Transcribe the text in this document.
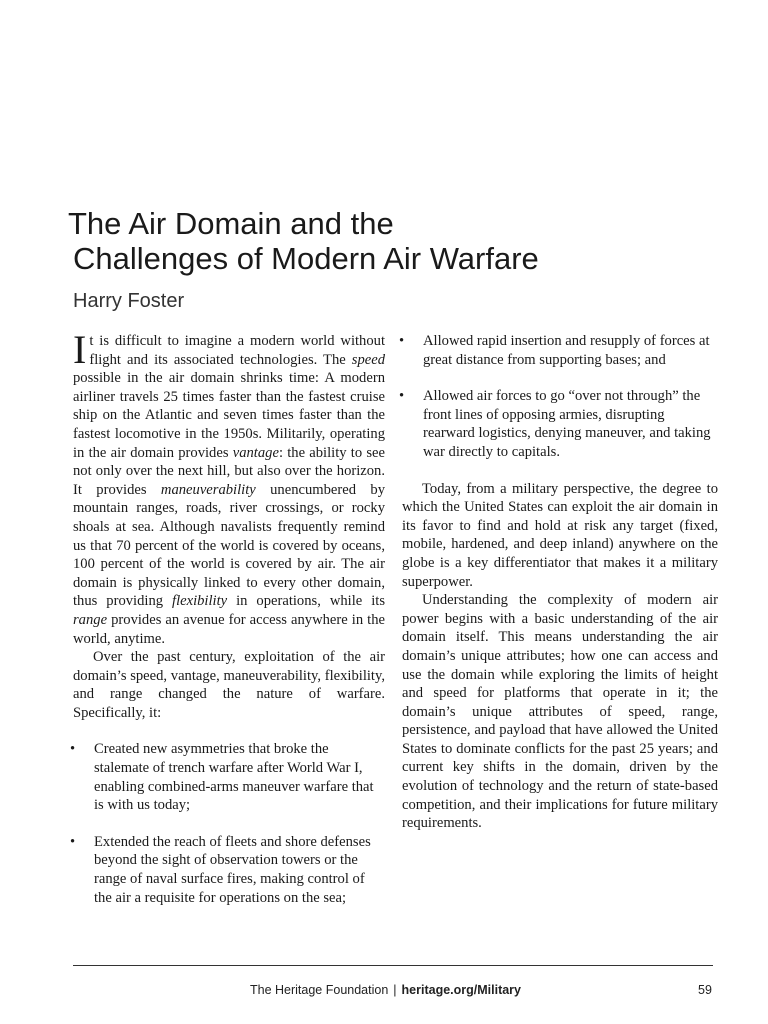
The Air Domain and the

Challenges of Modern Air Warfare
Harry Foster

It is difficult to imagine a modern world without flight and its associated technologies. The speed possible in the air domain shrinks time: A modern airliner travels 25 times faster than the fastest cruise ship on the Atlantic and seven times faster than the fastest locomotive in the 1950s. Militarily, operating in the air domain provides vantage: the ability to see not only over the next hill, but also over the horizon. It provides maneuverability unencumbered by mountain ranges, roads, river crossings, or rocky shoals at sea. Although navalists frequently remind us that 70 percent of the world is covered by oceans, 100 percent of the world is covered by air. The air domain is physically linked to every other domain, thus providing flexibility in operations, while its range provides an avenue for access anywhere in the world, anytime.

Over the past century, exploitation of the air domain’s speed, vantage, maneuverability, flexibility, and range changed the nature of warfare. Specifically, it:

• Created new asymmetries that broke the stalemate of trench warfare after World War I, enabling combined-arms maneuver warfare that is with us today;
• Extended the reach of fleets and shore defenses beyond the sight of observation towers or the range of naval surface fires, making control of the air a requisite for operations on the sea;
• Allowed rapid insertion and resupply of forces at great distance from supporting bases; and
• Allowed air forces to go “over not through” the front lines of opposing armies, disrupting rearward logistics, denying maneuver, and taking war directly to capitals.

Today, from a military perspective, the degree to which the United States can exploit the air domain in its favor to find and hold at risk any target (fixed, mobile, hardened, and deep inland) anywhere on the globe is a key differentiator that makes it a military superpower.

Understanding the complexity of modern air power begins with a basic understanding of the air domain itself. This means understanding the air domain’s unique attributes; how one can access and use the domain while exploring the limits of height and speed for platforms that operate in it; the domain’s unique attributes of speed, range, persistence, and payload that have allowed the United States to dominate conflicts for the past 25 years; and current key shifts in the domain, driven by the evolution of technology and the return of state-based competition, and their implications for future military requirements.

The Heritage Foundation | heritage.org/Military	59
